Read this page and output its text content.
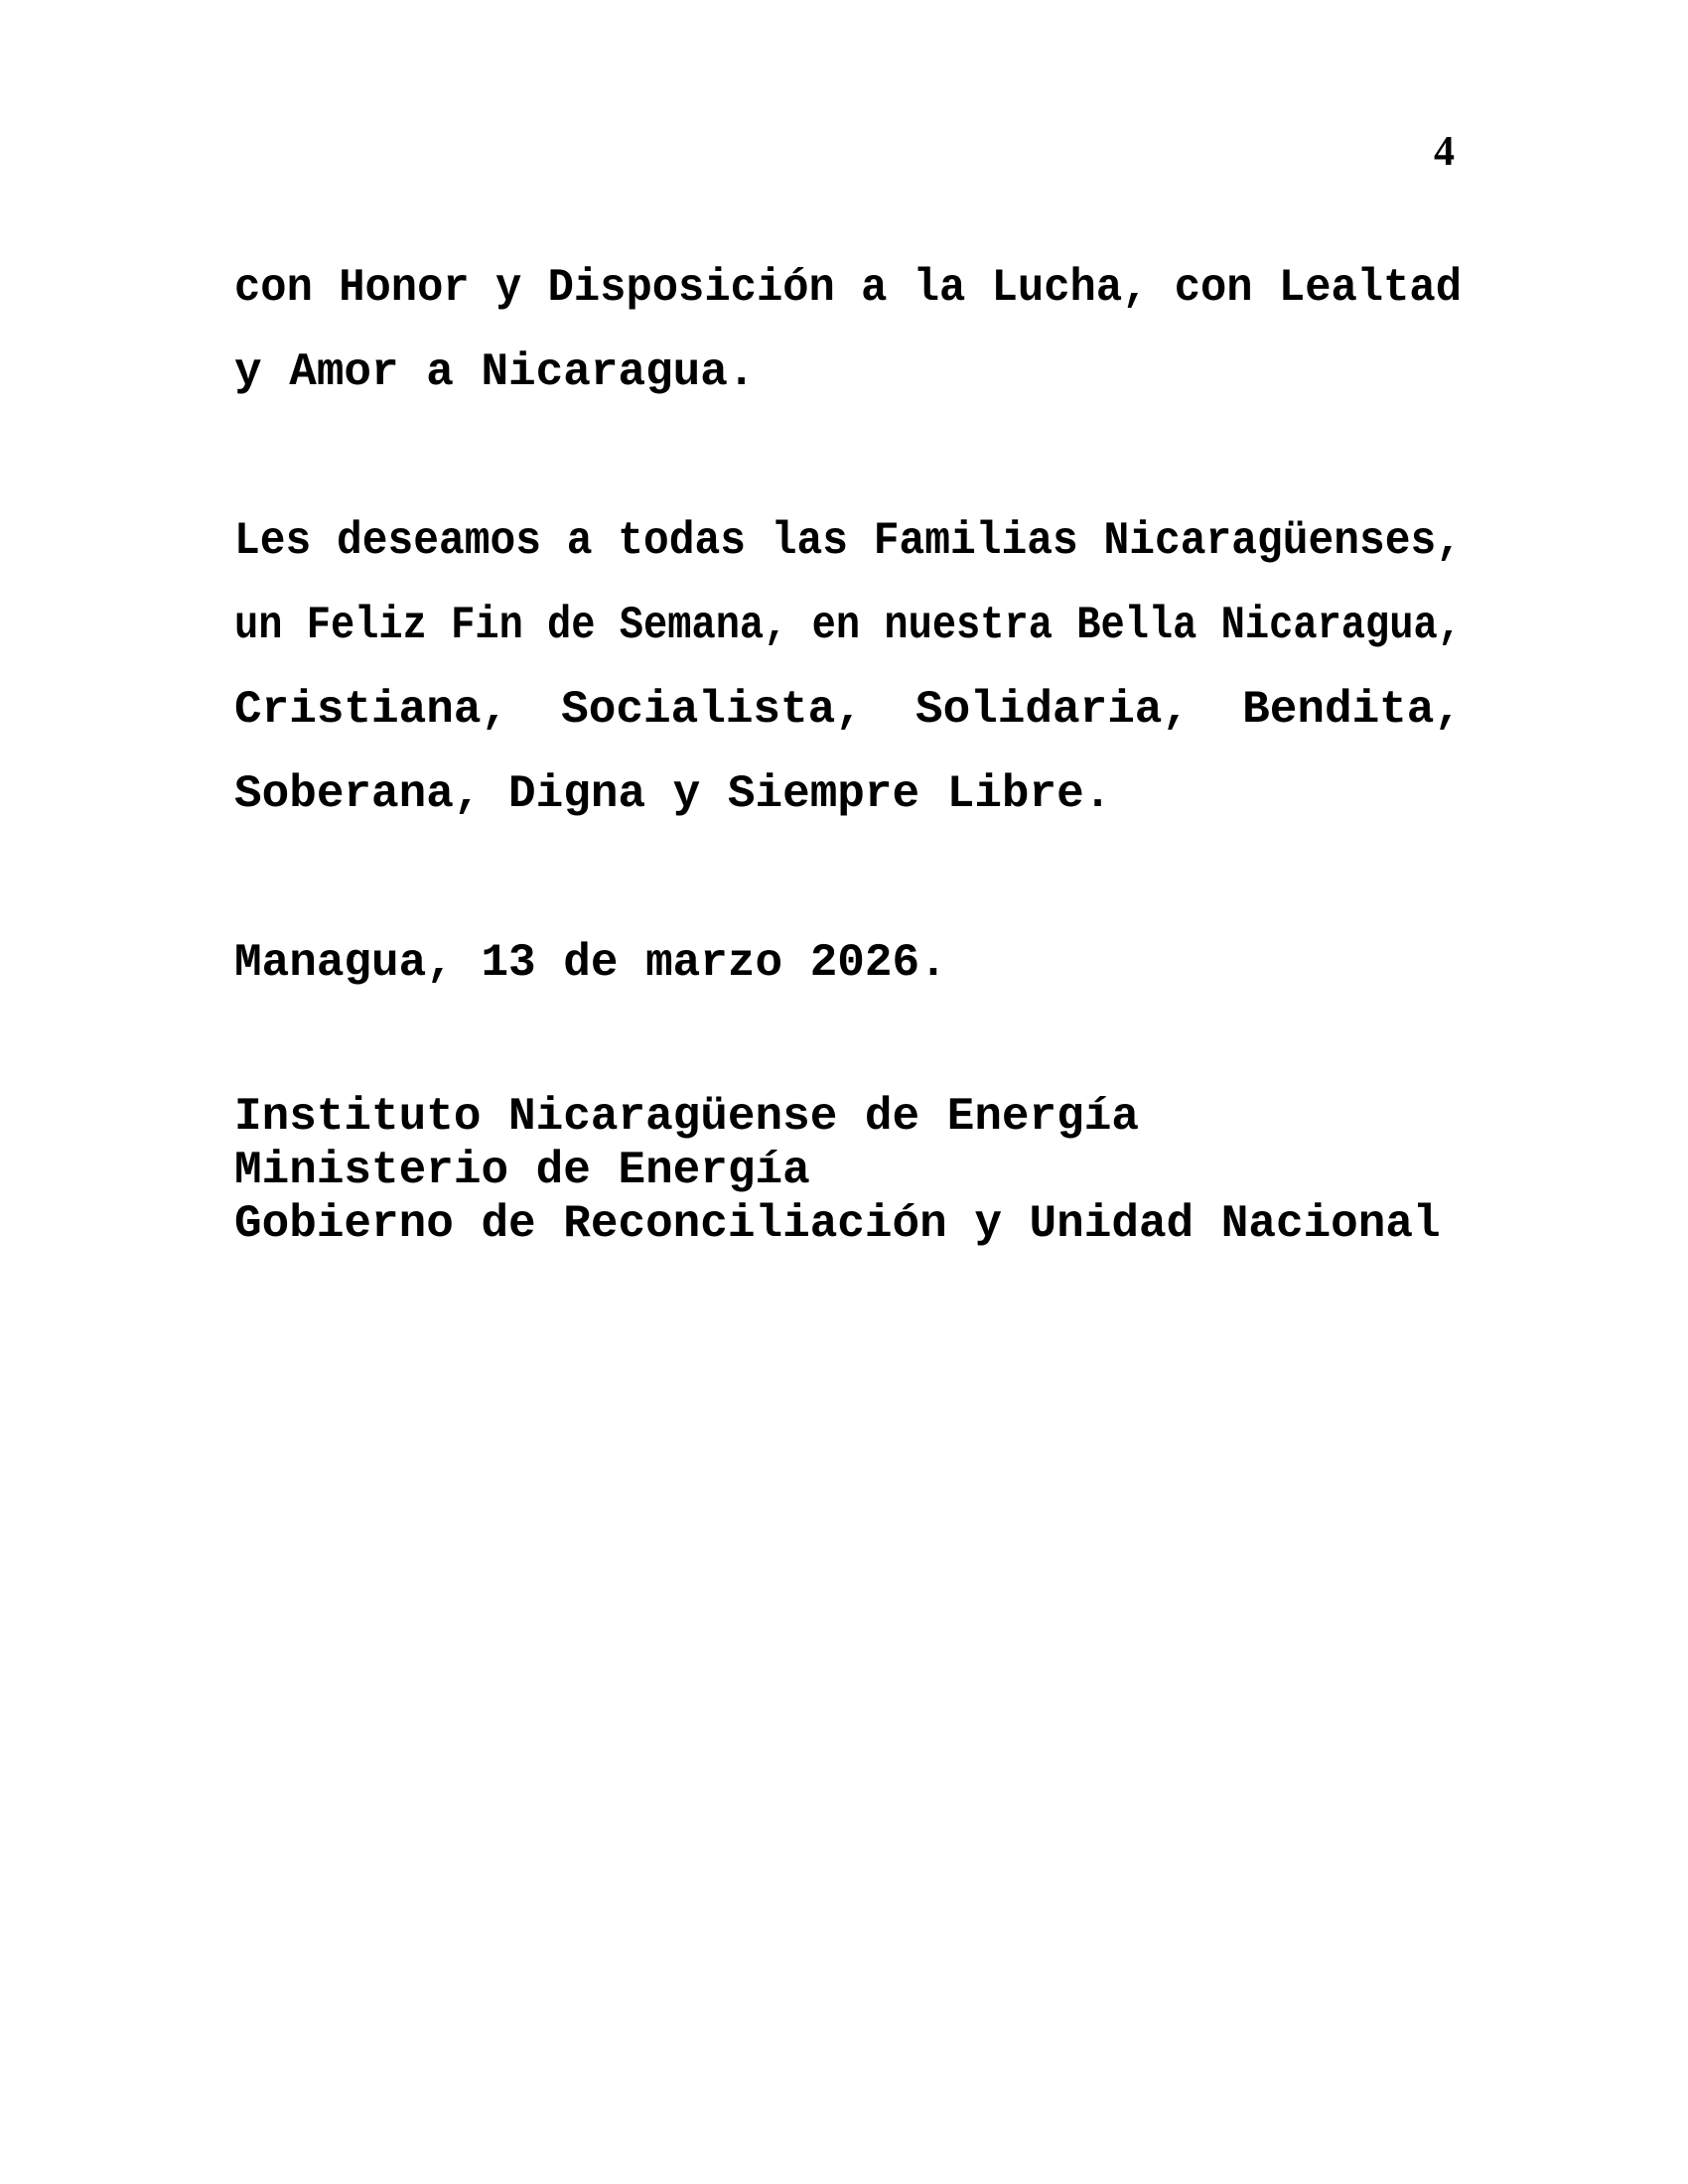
4
con Honor y Disposición a la Lucha, con Lealtad
y Amor a Nicaragua.
Les deseamos a todas las Familias Nicaragüenses,
un Feliz Fin de Semana, en nuestra Bella Nicaragua,
Cristiana, Socialista, Solidaria, Bendita,
Soberana, Digna y Siempre Libre.
Managua, 13 de marzo 2026.
Instituto Nicaragüense de Energía
Ministerio de Energía
Gobierno de Reconciliación y Unidad Nacional
